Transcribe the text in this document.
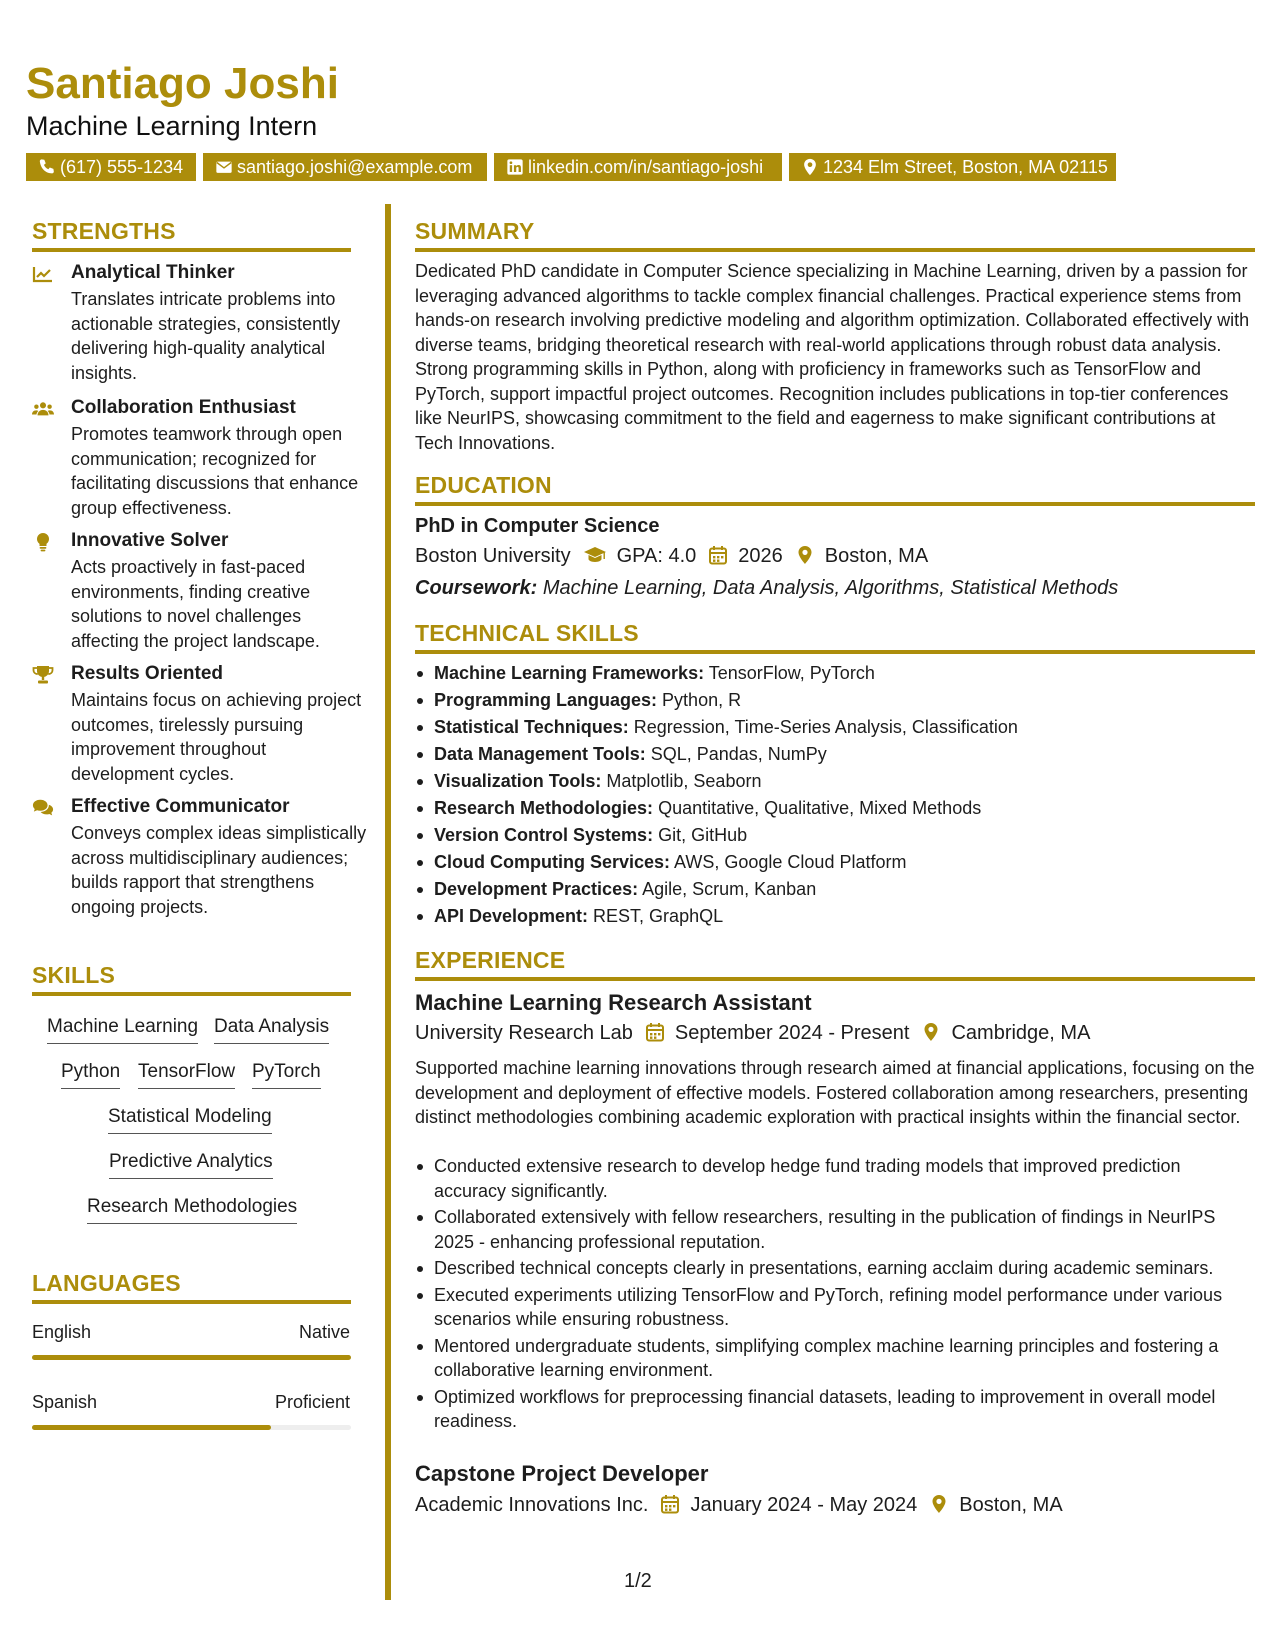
Santiago Joshi
Machine Learning Intern
(617) 555-1234	santiago.joshi@example.com	linkedin.com/in/santiago-joshi	1234 Elm Street, Boston, MA 02115
STRENGTHS
Analytical Thinker
Translates intricate problems into actionable strategies, consistently delivering high-quality analytical insights.
Collaboration Enthusiast
Promotes teamwork through open communication; recognized for facilitating discussions that enhance group effectiveness.
Innovative Solver
Acts proactively in fast-paced environments, finding creative solutions to novel challenges affecting the project landscape.
Results Oriented
Maintains focus on achieving project outcomes, tirelessly pursuing improvement throughout development cycles.
Effective Communicator
Conveys complex ideas simplistically across multidisciplinary audiences; builds rapport that strengthens ongoing projects.
SKILLS
Machine Learning Data Analysis
Python TensorFlow PyTorch
Statistical Modeling
Predictive Analytics
Research Methodologies
LANGUAGES
English	Native
Spanish	Proficient
SUMMARY
Dedicated PhD candidate in Computer Science specializing in Machine Learning, driven by a passion for leveraging advanced algorithms to tackle complex financial challenges. Practical experience stems from hands-on research involving predictive modeling and algorithm optimization. Collaborated effectively with diverse teams, bridging theoretical research with real-world applications through robust data analysis. Strong programming skills in Python, along with proficiency in frameworks such as TensorFlow and PyTorch, support impactful project outcomes. Recognition includes publications in top-tier conferences like NeurIPS, showcasing commitment to the field and eagerness to make significant contributions at Tech Innovations.
EDUCATION
PhD in Computer Science
Boston University GPA: 4.0 2026 Boston, MA
Coursework: Machine Learning, Data Analysis, Algorithms, Statistical Methods
TECHNICAL SKILLS
Machine Learning Frameworks: TensorFlow, PyTorch
Programming Languages: Python, R
Statistical Techniques: Regression, Time-Series Analysis, Classification
Data Management Tools: SQL, Pandas, NumPy
Visualization Tools: Matplotlib, Seaborn
Research Methodologies: Quantitative, Qualitative, Mixed Methods
Version Control Systems: Git, GitHub
Cloud Computing Services: AWS, Google Cloud Platform
Development Practices: Agile, Scrum, Kanban
API Development: REST, GraphQL
EXPERIENCE
Machine Learning Research Assistant
University Research Lab September 2024 - Present Cambridge, MA
Supported machine learning innovations through research aimed at financial applications, focusing on the development and deployment of effective models. Fostered collaboration among researchers, presenting distinct methodologies combining academic exploration with practical insights within the financial sector.
Conducted extensive research to develop hedge fund trading models that improved prediction accuracy significantly.
Collaborated extensively with fellow researchers, resulting in the publication of findings in NeurIPS 2025 - enhancing professional reputation.
Described technical concepts clearly in presentations, earning acclaim during academic seminars.
Executed experiments utilizing TensorFlow and PyTorch, refining model performance under various scenarios while ensuring robustness.
Mentored undergraduate students, simplifying complex machine learning principles and fostering a collaborative learning environment.
Optimized workflows for preprocessing financial datasets, leading to improvement in overall model readiness.
Capstone Project Developer
Academic Innovations Inc. January 2024 - May 2024 Boston, MA
1/2
